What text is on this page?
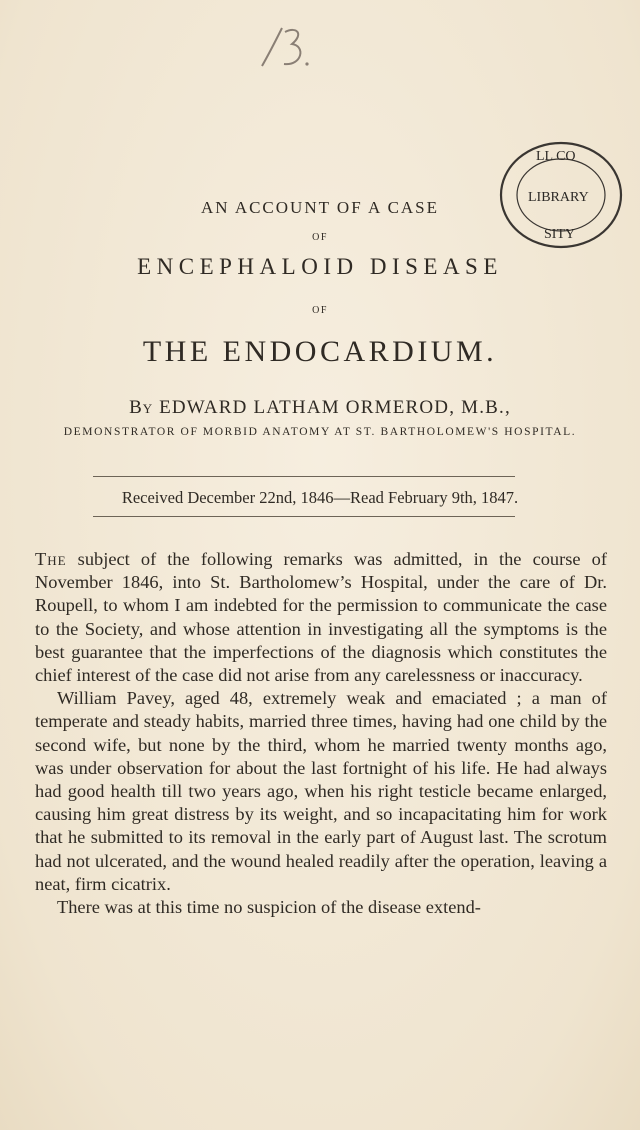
LL CO
LIBRARY
SITY
AN ACCOUNT OF A CASE
OF
ENCEPHALOID DISEASE
OF
THE ENDOCARDIUM.
By EDWARD LATHAM ORMEROD, M.B.,
DEMONSTRATOR OF MORBID ANATOMY AT ST. BARTHOLOMEW'S HOSPITAL.
Received December 22nd, 1846—Read February 9th, 1847.

The subject of the following remarks was admitted, in the course of November 1846, into St. Bartholomew’s Hospital, under the care of Dr. Roupell, to whom I am indebted for the permission to communicate the case to the Society, and whose attention in investigating all the symptoms is the best guarantee that the imperfections of the diagnosis which constitutes the chief interest of the case did not arise from any carelessness or inaccuracy.

William Pavey, aged 48, extremely weak and emaciated ; a man of temperate and steady habits, married three times, having had one child by the second wife, but none by the third, whom he married twenty months ago, was under observation for about the last fortnight of his life. He had always had good health till two years ago, when his right testicle became enlarged, causing him great distress by its weight, and so incapacitating him for work that he submitted to its removal in the early part of August last. The scrotum had not ulcerated, and the wound healed readily after the operation, leaving a neat, firm cicatrix.

There was at this time no suspicion of the disease extend-
